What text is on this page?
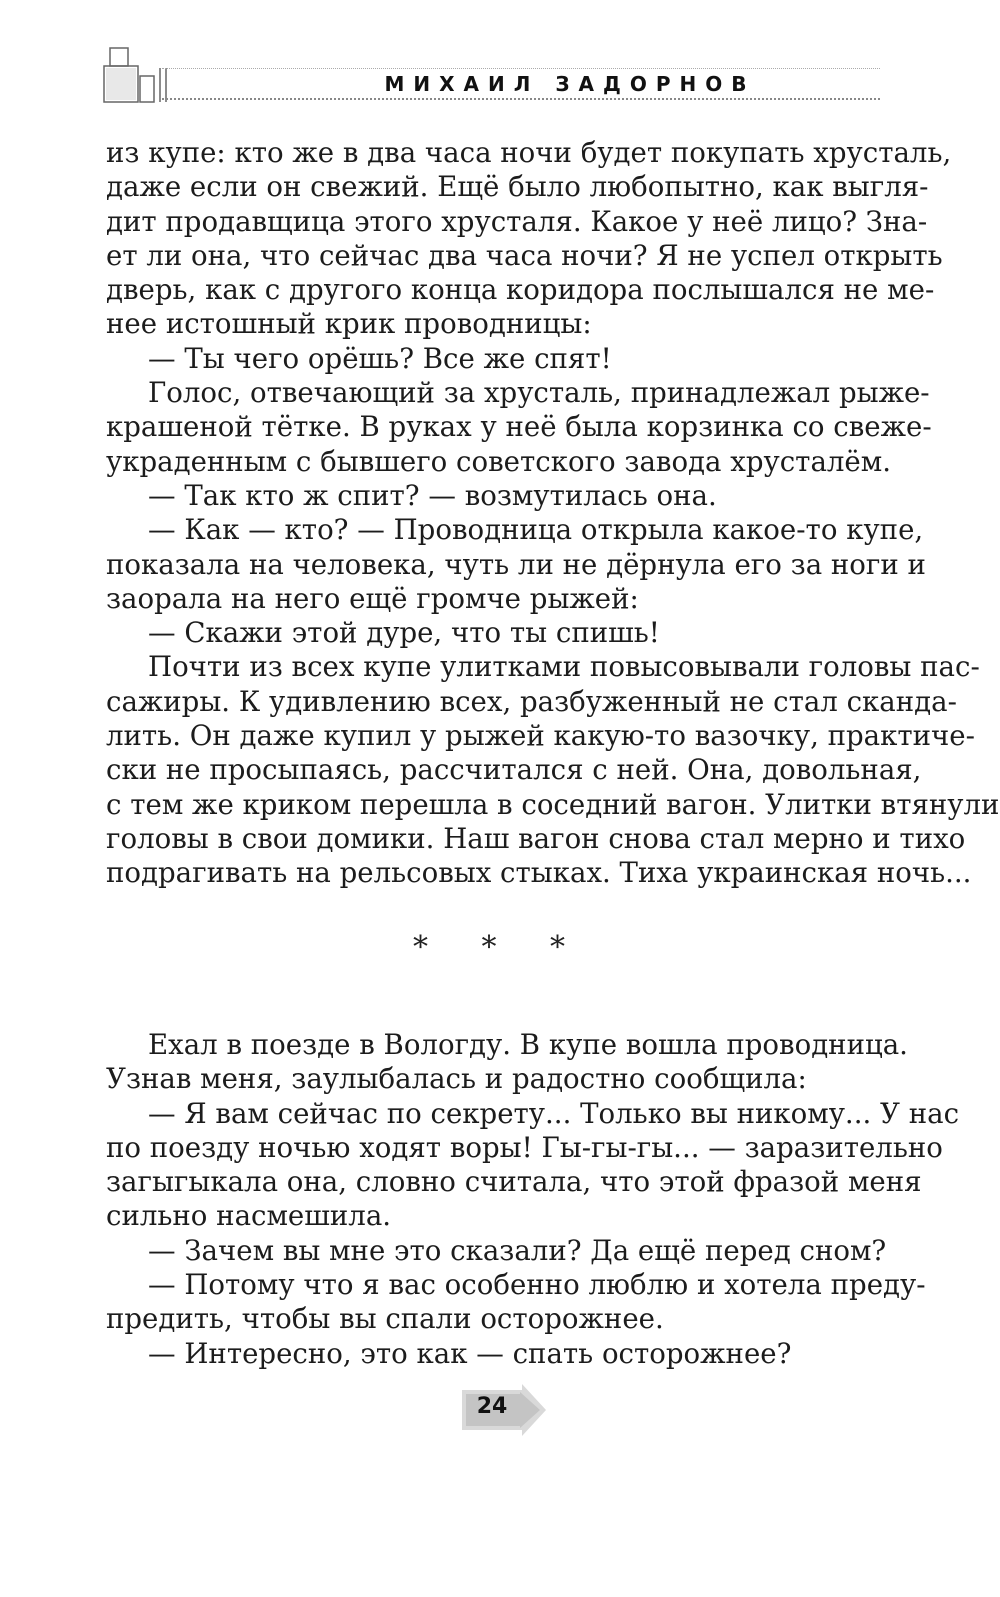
МИХАИЛ ЗАДОРНОВ
из купе: кто же в два часа ночи будет покупать хрусталь,
даже если он свежий. Ещё было любопытно, как выгля-
дит продавщица этого хрусталя. Какое у неё лицо? Зна-
ет ли она, что сейчас два часа ночи? Я не успел открыть
дверь, как с другого конца коридора послышался не ме-
нее истошный крик проводницы:
— Ты чего орёшь? Все же спят!
Голос, отвечающий за хрусталь, принадлежал рыже-
крашеной тётке. В руках у неё была корзинка со свеже-
украденным с бывшего советского завода хрусталём.
— Так кто ж спит? — возмутилась она.
— Как — кто? — Проводница открыла какое-то купе,
показала на человека, чуть ли не дёрнула его за ноги и
заорала на него ещё громче рыжей:
— Скажи этой дуре, что ты спишь!
Почти из всех купе улитками повысовывали головы пас-
сажиры. К удивлению всех, разбуженный не стал сканда-
лить. Он даже купил у рыжей какую-то вазочку, практиче-
ски не просыпаясь, рассчитался с ней. Она, довольная,
с тем же криком перешла в соседний вагон. Улитки втянули
головы в свои домики. Наш вагон снова стал мерно и тихо
подрагивать на рельсовых стыках. Тиха украинская ночь...
* * *
Ехал в поезде в Вологду. В купе вошла проводница.
Узнав меня, заулыбалась и радостно сообщила:
— Я вам сейчас по секрету... Только вы никому... У нас
по поезду ночью ходят воры! Гы-гы-гы... — заразительно
загыгыкала она, словно считала, что этой фразой меня
сильно насмешила.
— Зачем вы мне это сказали? Да ещё перед сном?
— Потому что я вас особенно люблю и хотела преду-
предить, чтобы вы спали осторожнее.
— Интересно, это как — спать осторожнее?
24
